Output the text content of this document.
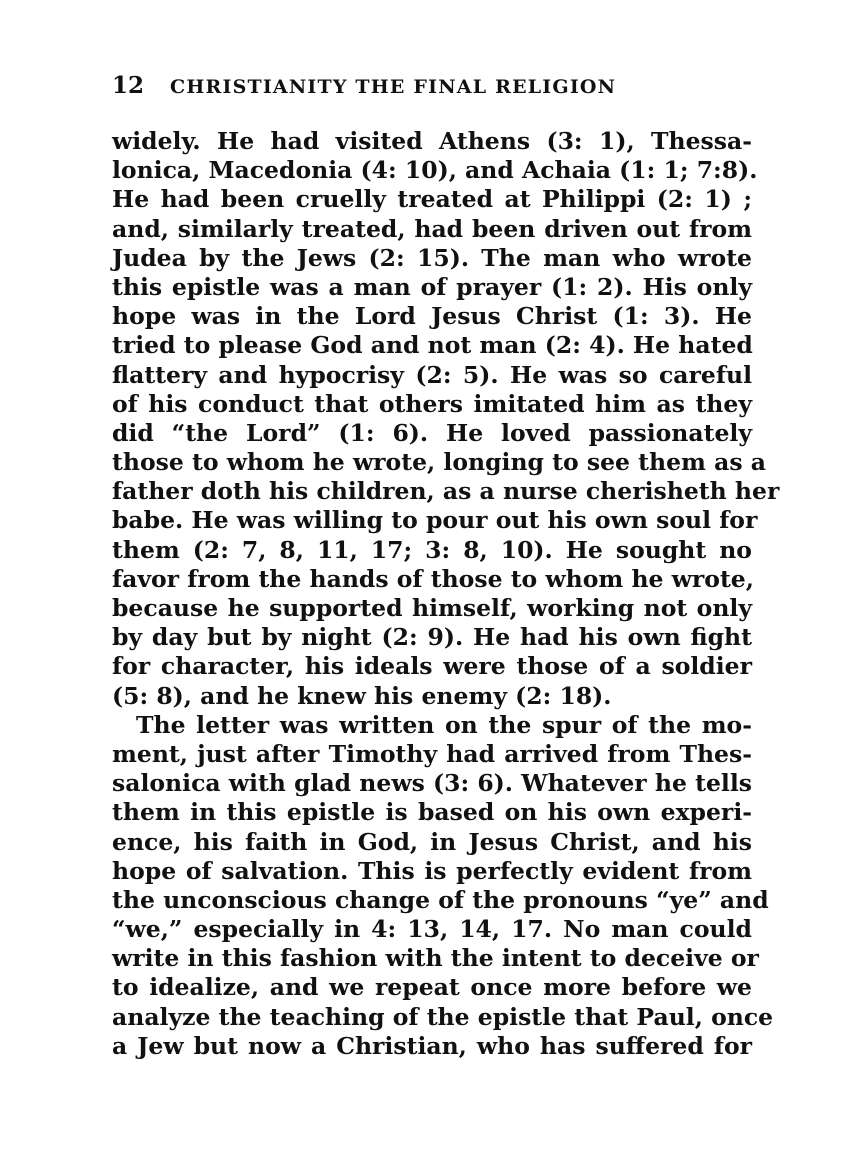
12 CHRISTIANITY THE FINAL RELIGION
widely. He had visited Athens (3: 1), Thessa-
lonica, Macedonia (4: 10), and Achaia (1: 1; 7:8).
He had been cruelly treated at Philippi (2: 1) ;
and, similarly treated, had been driven out from
Judea by the Jews (2: 15). The man who wrote
this epistle was a man of prayer (1: 2). His only
hope was in the Lord Jesus Christ (1: 3). He
tried to please God and not man (2: 4). He hated
flattery and hypocrisy (2: 5). He was so careful
of his conduct that others imitated him as they
did “the Lord” (1: 6). He loved passionately
those to whom he wrote, longing to see them as a
father doth his children, as a nurse cherisheth her
babe. He was willing to pour out his own soul for
them (2: 7, 8, 11, 17; 3: 8, 10). He sought no
favor from the hands of those to whom he wrote,
because he supported himself, working not only
by day but by night (2: 9). He had his own fight
for character, his ideals were those of a soldier
(5: 8), and he knew his enemy (2: 18).
The letter was written on the spur of the mo-
ment, just after Timothy had arrived from Thes-
salonica with glad news (3: 6). Whatever he tells
them in this epistle is based on his own experi-
ence, his faith in God, in Jesus Christ, and his
hope of salvation. This is perfectly evident from
the unconscious change of the pronouns “ye” and
“we,” especially in 4: 13, 14, 17. No man could
write in this fashion with the intent to deceive or
to idealize, and we repeat once more before we
analyze the teaching of the epistle that Paul, once
a Jew but now a Christian, who has suffered for
